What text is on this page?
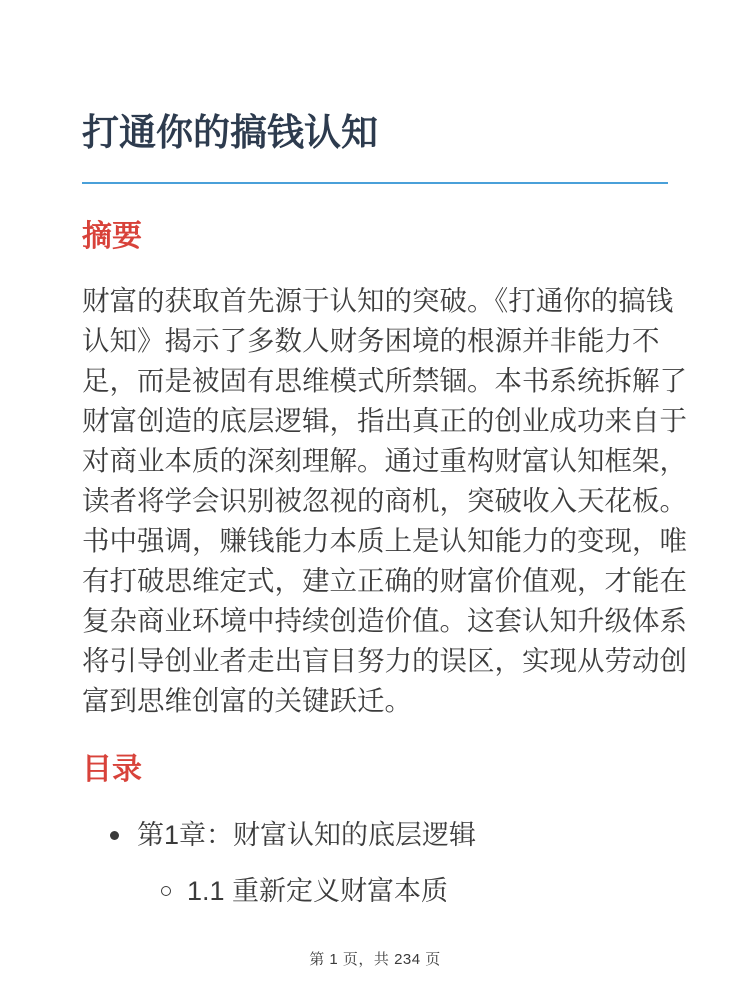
打通你的搞钱认知
摘要

财富的获取首先源于认知的突破。《打通你的搞钱认知》揭示了多数人财务困境的根源并非能力不足，而是被固有思维模式所禁锢。本书系统拆解了财富创造的底层逻辑，指出真正的创业成功来自于对商业本质的深刻理解。通过重构财富认知框架，读者将学会识别被忽视的商机，突破收入天花板。书中强调，赚钱能力本质上是认知能力的变现，唯有打破思维定式，建立正确的财富价值观，才能在复杂商业环境中持续创造价值。这套认知升级体系将引导创业者走出盲目努力的误区，实现从劳动创富到思维创富的关键跃迁。

目录
第1章：财富认知的底层逻辑
1.1 重新定义财富本质
第 1 页，共 234 页
